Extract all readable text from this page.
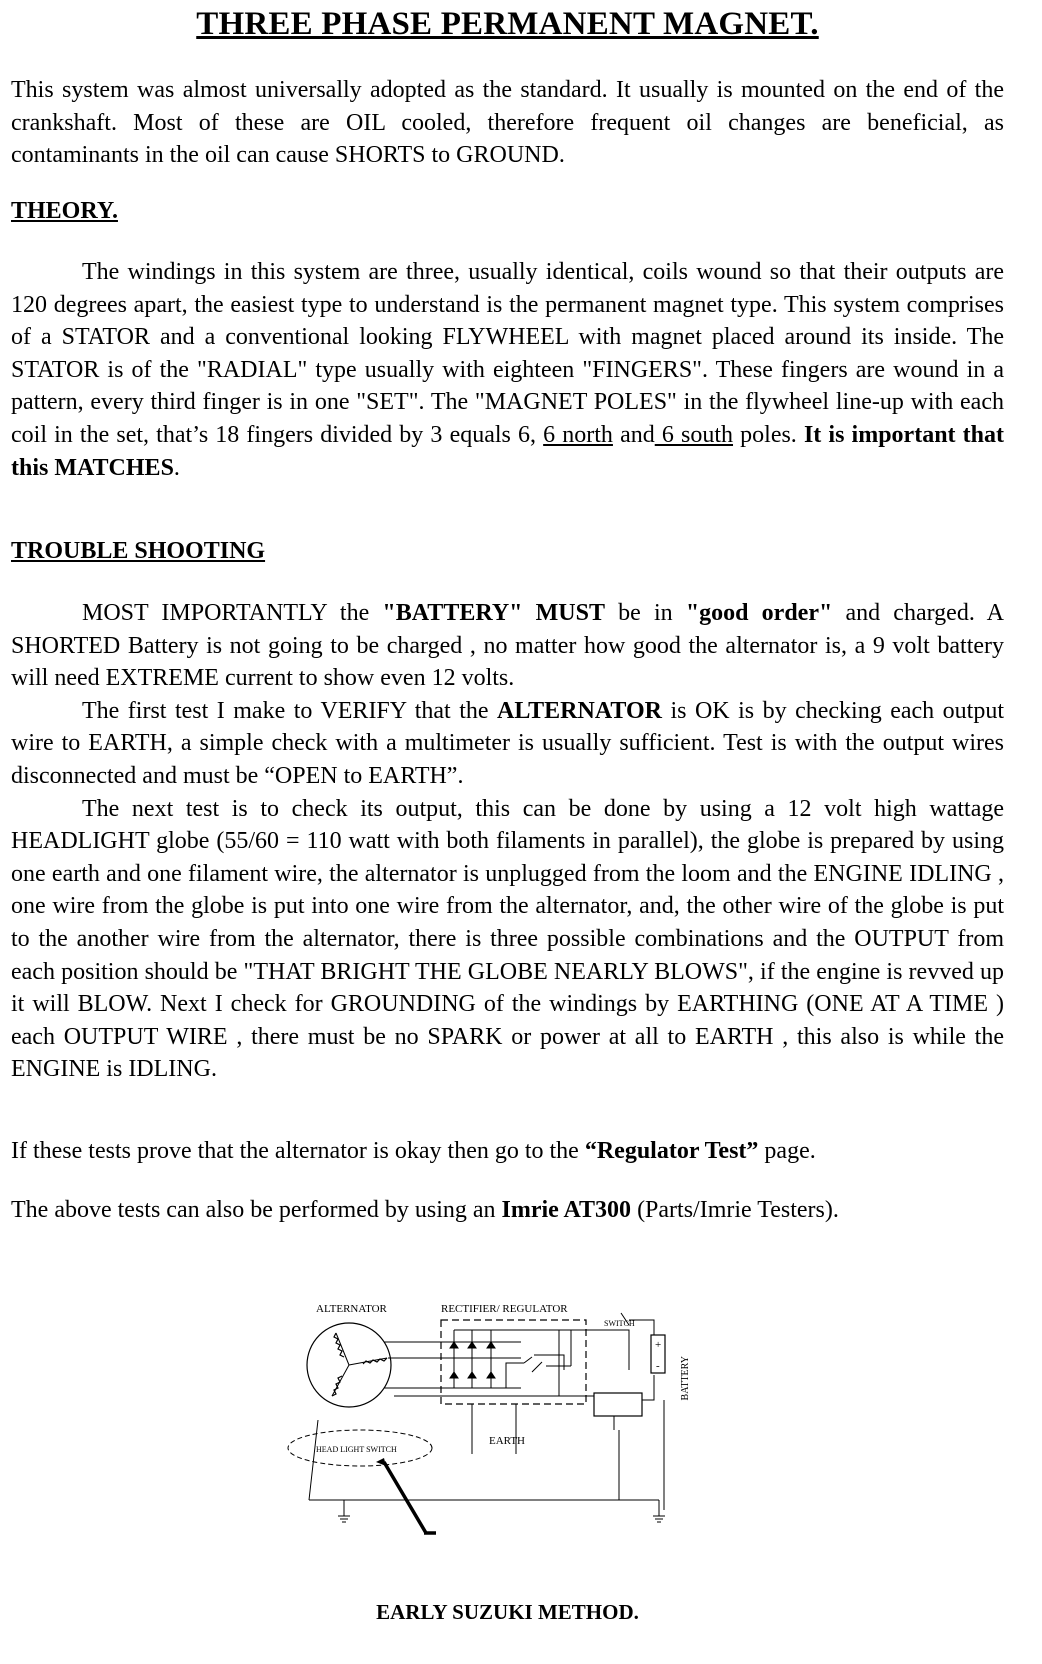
THREE PHASE PERMANENT MAGNET.
This system was almost universally adopted as the standard. It usually is mounted on the end of the crankshaft. Most of these are OIL cooled, therefore frequent oil changes are beneficial, as contaminants in the oil can cause SHORTS to GROUND.
THEORY.
The windings in this system are three, usually identical, coils wound so that their outputs are 120 degrees apart, the easiest type to understand is the permanent magnet type. This system comprises of a STATOR and a conventional looking FLYWHEEL with magnet placed around its inside. The STATOR is of the "RADIAL" type usually with eighteen "FINGERS". These fingers are wound in a pattern, every third finger is in one "SET". The "MAGNET POLES" in the flywheel line-up with each coil in the set, that’s 18 fingers divided by 3 equals 6, 6 north and 6 south poles. It is important that this MATCHES.
TROUBLE SHOOTING
MOST IMPORTANTLY the "BATTERY" MUST be in "good order" and charged. A SHORTED Battery is not going to be charged , no matter how good the alternator is, a 9 volt battery will need EXTREME current to show even 12 volts.
The first test I make to VERIFY that the ALTERNATOR is OK is by checking each output wire to EARTH, a simple check with a multimeter is usually sufficient. Test is with the output wires disconnected and must be “OPEN to EARTH”.
The next test is to check its output, this can be done by using a 12 volt high wattage HEADLIGHT globe (55/60 = 110 watt with both filaments in parallel), the globe is prepared by using one earth and one filament wire, the alternator is unplugged from the loom and the ENGINE IDLING , one wire from the globe is put into one wire from the alternator, and, the other wire of the globe is put to the another wire from the alternator, there is three possible combinations and the OUTPUT from each position should be "THAT BRIGHT THE GLOBE NEARLY BLOWS", if the engine is revved up it will BLOW. Next I check for GROUNDING of the windings by EARTHING (ONE AT A TIME ) each OUTPUT WIRE , there must be no SPARK or power at all to EARTH , this also is while the ENGINE is IDLING.
If these tests prove that the alternator is okay then go to the “Regulator Test” page.
The above tests can also be performed by using an Imrie AT300 (Parts/Imrie Testers).
ALTERNATOR	RECTIFIER/ REGULATOR
SWITCH
BATTERY
HEAD LIGHT SWITCH
EARTH
+
-
EARLY SUZUKI METHOD.
